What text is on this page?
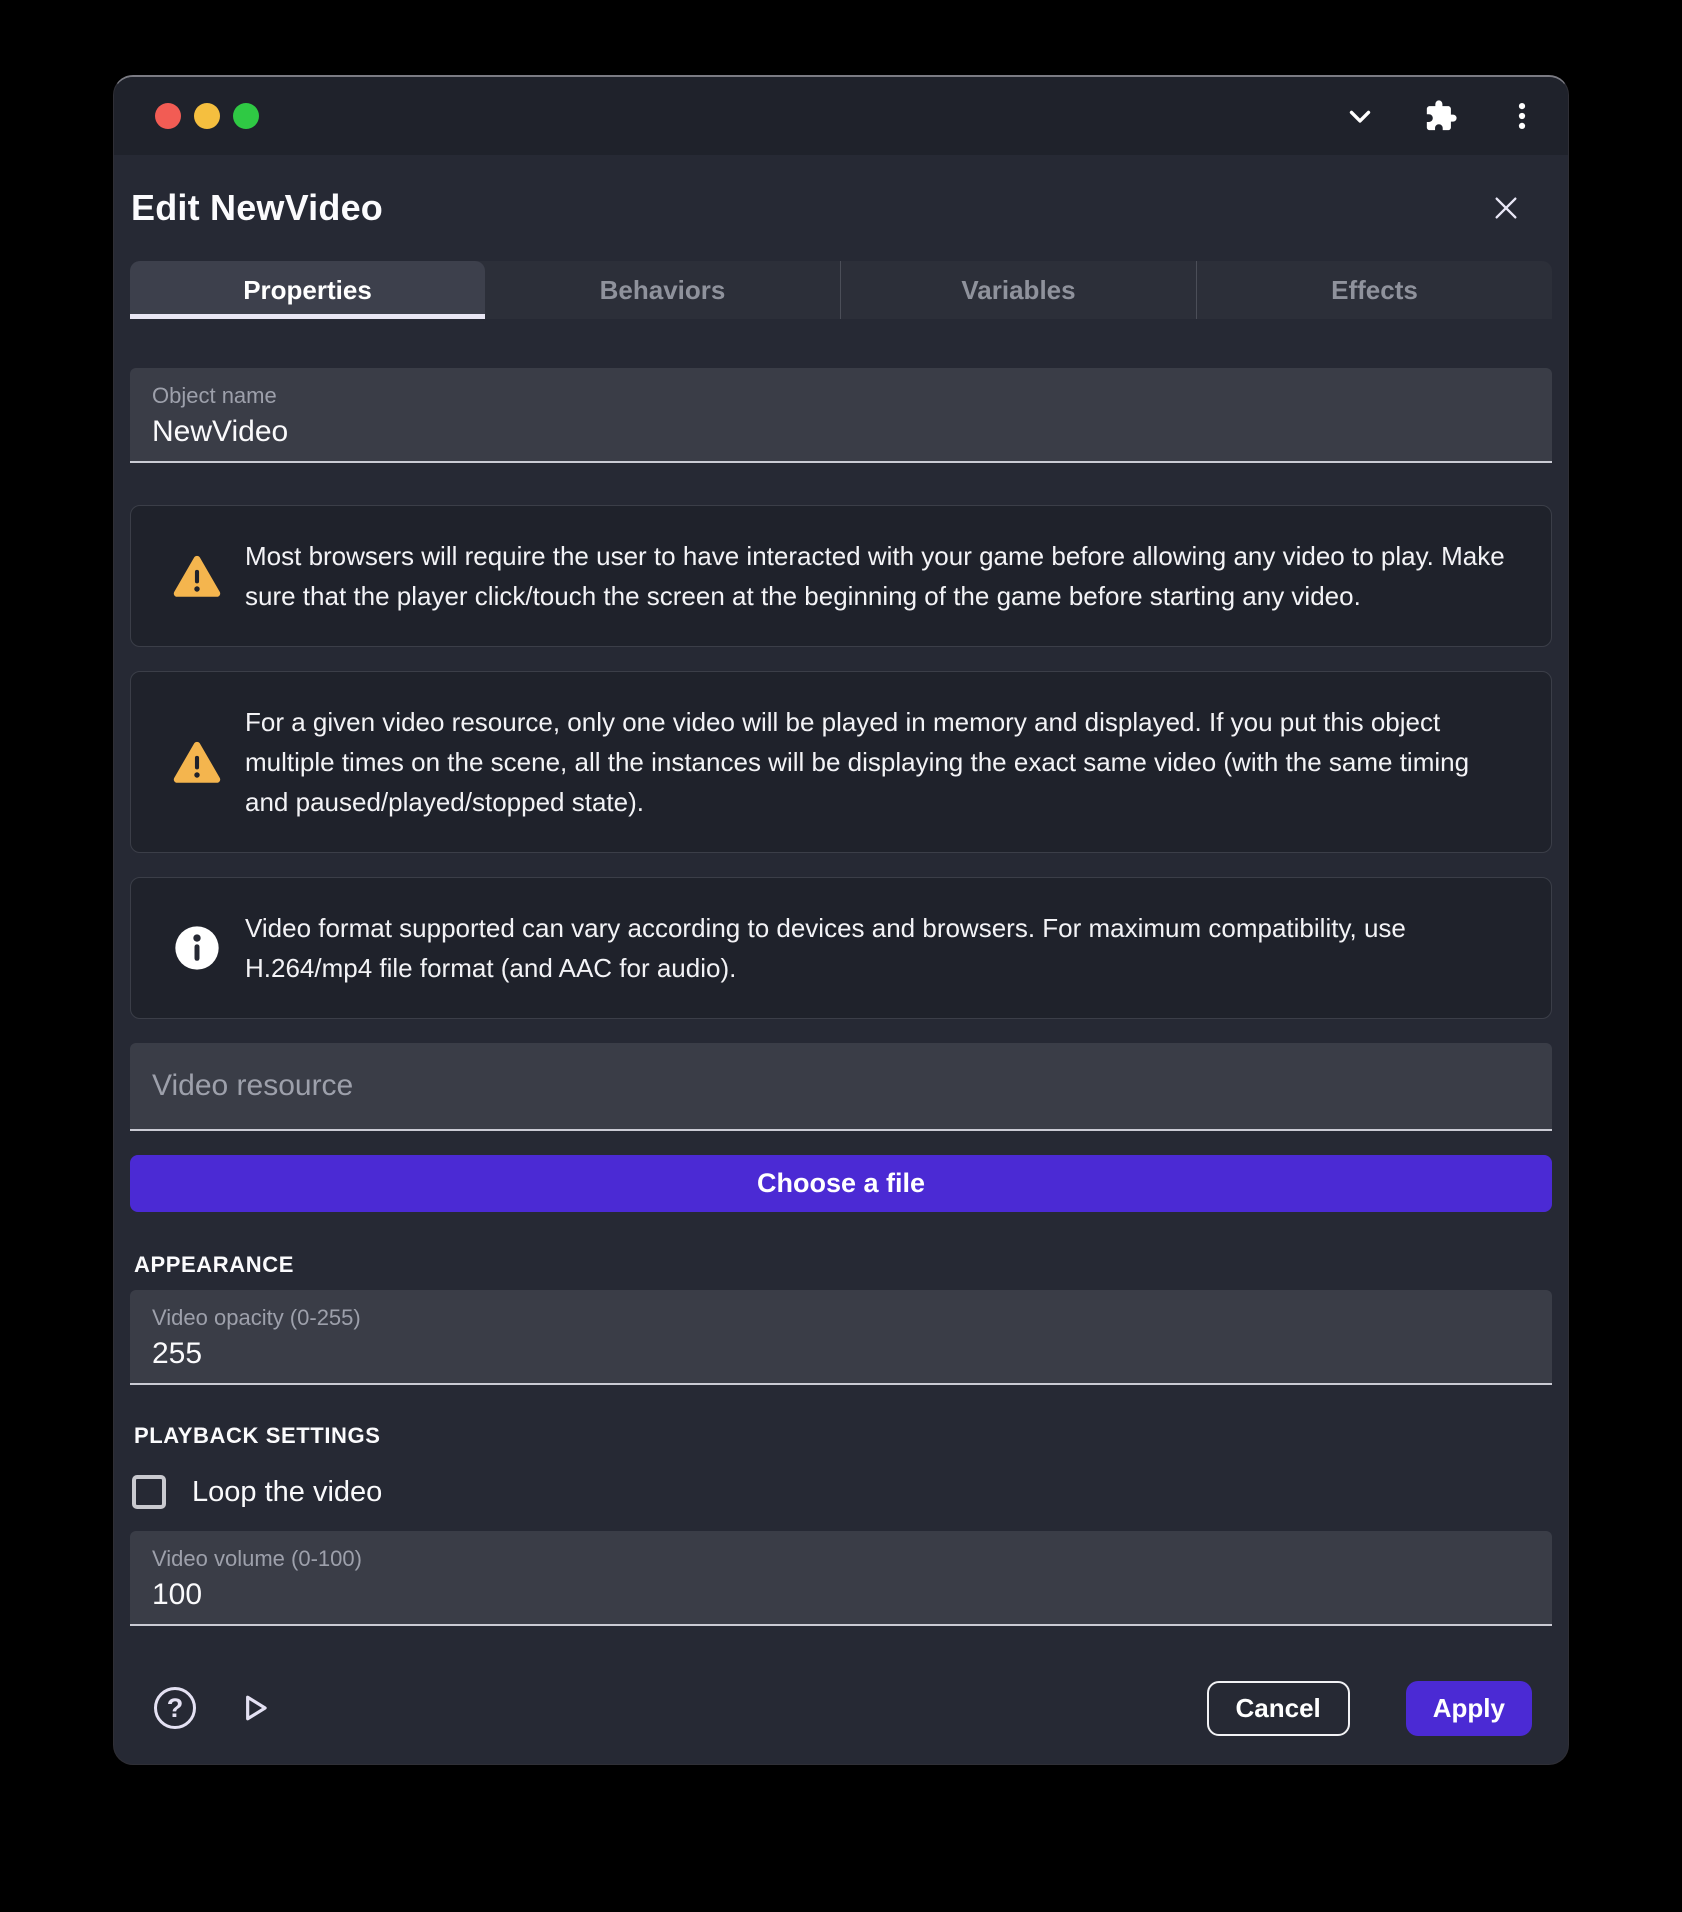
Edit NewVideo
Properties	Behaviors	Variables	Effects
Object name
NewVideo
Most browsers will require the user to have interacted with your game before allowing any video to play. Make sure that the player click/touch the screen at the beginning of the game before starting any video.
For a given video resource, only one video will be played in memory and displayed. If you put this object multiple times on the scene, all the instances will be displaying the exact same video (with the same timing and paused/played/stopped state).
Video format supported can vary according to devices and browsers. For maximum compatibility, use H.264/mp4 file format (and AAC for audio).
Video resource
Choose a file
APPEARANCE
Video opacity (0-255)
255
PLAYBACK SETTINGS
Loop the video
Video volume (0-100)
100
?	Cancel	Apply
